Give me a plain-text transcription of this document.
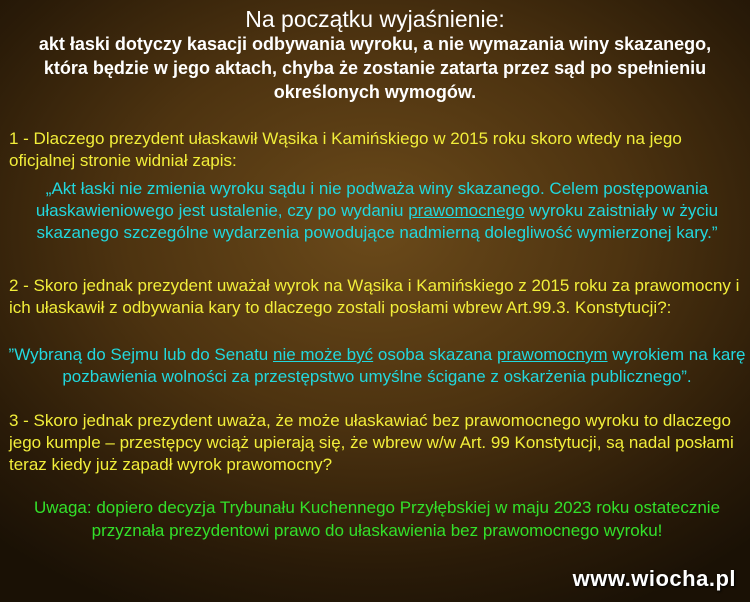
Na początku wyjaśnienie:
akt łaski dotyczy kasacji odbywania wyroku, a nie wymazania winy skazanego, która będzie w jego aktach, chyba że zostanie zatarta przez sąd po spełnieniu określonych wymogów.
1 - Dlaczego prezydent ułaskawił Wąsika i Kamińskiego w 2015 roku skoro wtedy na jego oficjalnej stronie widniał zapis:
„Akt łaski nie zmienia wyroku sądu i nie podważa winy skazanego. Celem postępowania ułaskawieniowego jest ustalenie, czy po wydaniu prawomocnego wyroku zaistniały w życiu skazanego szczególne wydarzenia powodujące nadmierną dolegliwość wymierzonej kary.”
2 - Skoro jednak prezydent uważał wyrok na Wąsika i Kamińskiego z 2015 roku za prawomocny i ich ułaskawił z odbywania kary to dlaczego zostali posłami wbrew Art.99.3. Konstytucji?:
”Wybraną do Sejmu lub do Senatu nie może być osoba skazana prawomocnym wyrokiem na karę pozbawienia wolności za przestępstwo umyślne ścigane z oskarżenia publicznego”.
3 - Skoro jednak prezydent uważa, że może ułaskawiać bez prawomocnego wyroku to dlaczego jego kumple – przestępcy wciąż upierają się, że wbrew w/w Art. 99 Konstytucji, są nadal posłami teraz kiedy już zapadł wyrok prawomocny?
Uwaga: dopiero decyzja Trybunału Kuchennego Przyłębskiej w maju 2023 roku ostatecznie przyznała prezydentowi prawo do ułaskawienia bez prawomocnego wyroku!
www.wiocha.pl
